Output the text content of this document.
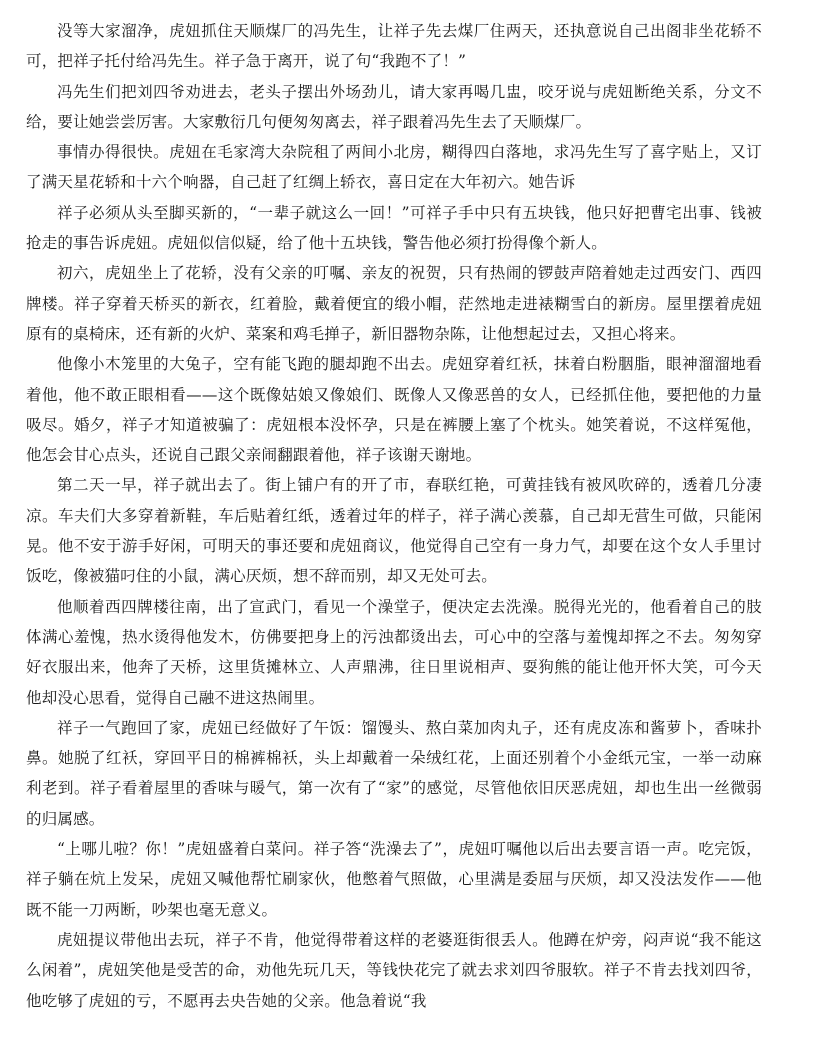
没等大家溜净，虎妞抓住天顺煤厂的冯先生，让祥子先去煤厂住两天，还执意说自己出阁非坐花轿不可，把祥子托付给冯先生。祥子急于离开，说了句“我跑不了！”

冯先生们把刘四爷劝进去，老头子摆出外场劲儿，请大家再喝几盅，咬牙说与虎妞断绝关系，分文不给，要让她尝尝厉害。大家敷衍几句便匆匆离去，祥子跟着冯先生去了天顺煤厂。

事情办得很快。虎妞在毛家湾大杂院租了两间小北房，糊得四白落地，求冯先生写了喜字贴上，又订了满天星花轿和十六个响器，自己赶了红绸上轿衣，喜日定在大年初六。她告诉

祥子必须从头至脚买新的，“一辈子就这么一回！”可祥子手中只有五块钱，他只好把曹宅出事、钱被抢走的事告诉虎妞。虎妞似信似疑，给了他十五块钱，警告他必须打扮得像个新人。

初六，虎妞坐上了花轿，没有父亲的叮嘱、亲友的祝贺，只有热闹的锣鼓声陪着她走过西安门、西四牌楼。祥子穿着天桥买的新衣，红着脸，戴着便宜的缎小帽，茫然地走进裱糊雪白的新房。屋里摆着虎妞原有的桌椅床，还有新的火炉、菜案和鸡毛掸子，新旧器物杂陈，让他想起过去，又担心将来。

他像小木笼里的大兔子，空有能飞跑的腿却跑不出去。虎妞穿着红袄，抹着白粉胭脂，眼神溜溜地看着他，他不敢正眼相看——这个既像姑娘又像娘们、既像人又像恶兽的女人，已经抓住他，要把他的力量吸尽。婚夕，祥子才知道被骗了：虎妞根本没怀孕，只是在裤腰上塞了个枕头。她笑着说，不这样冤他，他怎会甘心点头，还说自己跟父亲闹翻跟着他，祥子该谢天谢地。

第二天一早，祥子就出去了。街上铺户有的开了市，春联红艳，可黄挂钱有被风吹碎的，透着几分凄凉。车夫们大多穿着新鞋，车后贴着红纸，透着过年的样子，祥子满心羡慕，自己却无营生可做，只能闲晃。他不安于游手好闲，可明天的事还要和虎妞商议，他觉得自己空有一身力气，却要在这个女人手里讨饭吃，像被猫叼住的小鼠，满心厌烦，想不辞而别，却又无处可去。

他顺着西四牌楼往南，出了宣武门，看见一个澡堂子，便决定去洗澡。脱得光光的，他看着自己的肢体满心羞愧，热水烫得他发木，仿佛要把身上的污浊都烫出去，可心中的空落与羞愧却挥之不去。匆匆穿好衣服出来，他奔了天桥，这里货摊林立、人声鼎沸，往日里说相声、耍狗熊的能让他开怀大笑，可今天他却没心思看，觉得自己融不进这热闹里。

祥子一气跑回了家，虎妞已经做好了午饭：馏馒头、熬白菜加肉丸子，还有虎皮冻和酱萝卜，香味扑鼻。她脱了红袄，穿回平日的棉裤棉袄，头上却戴着一朵绒红花，上面还别着个小金纸元宝，一举一动麻利老到。祥子看着屋里的香味与暖气，第一次有了“家”的感觉，尽管他依旧厌恶虎妞，却也生出一丝微弱的归属感。

“上哪儿啦？你！”虎妞盛着白菜问。祥子答“洗澡去了”，虎妞叮嘱他以后出去要言语一声。吃完饭，祥子躺在炕上发呆，虎妞又喊他帮忙刷家伙，他憋着气照做，心里满是委屈与厌烦，却又没法发作——他既不能一刀两断，吵架也毫无意义。

虎妞提议带他出去玩，祥子不肯，他觉得带着这样的老婆逛街很丢人。他蹲在炉旁，闷声说“我不能这么闲着”，虎妞笑他是受苦的命，劝他先玩几天，等钱快花完了就去求刘四爷服软。祥子不肯去找刘四爷，他吃够了虎妞的亏，不愿再去央告她的父亲。他急着说“我
